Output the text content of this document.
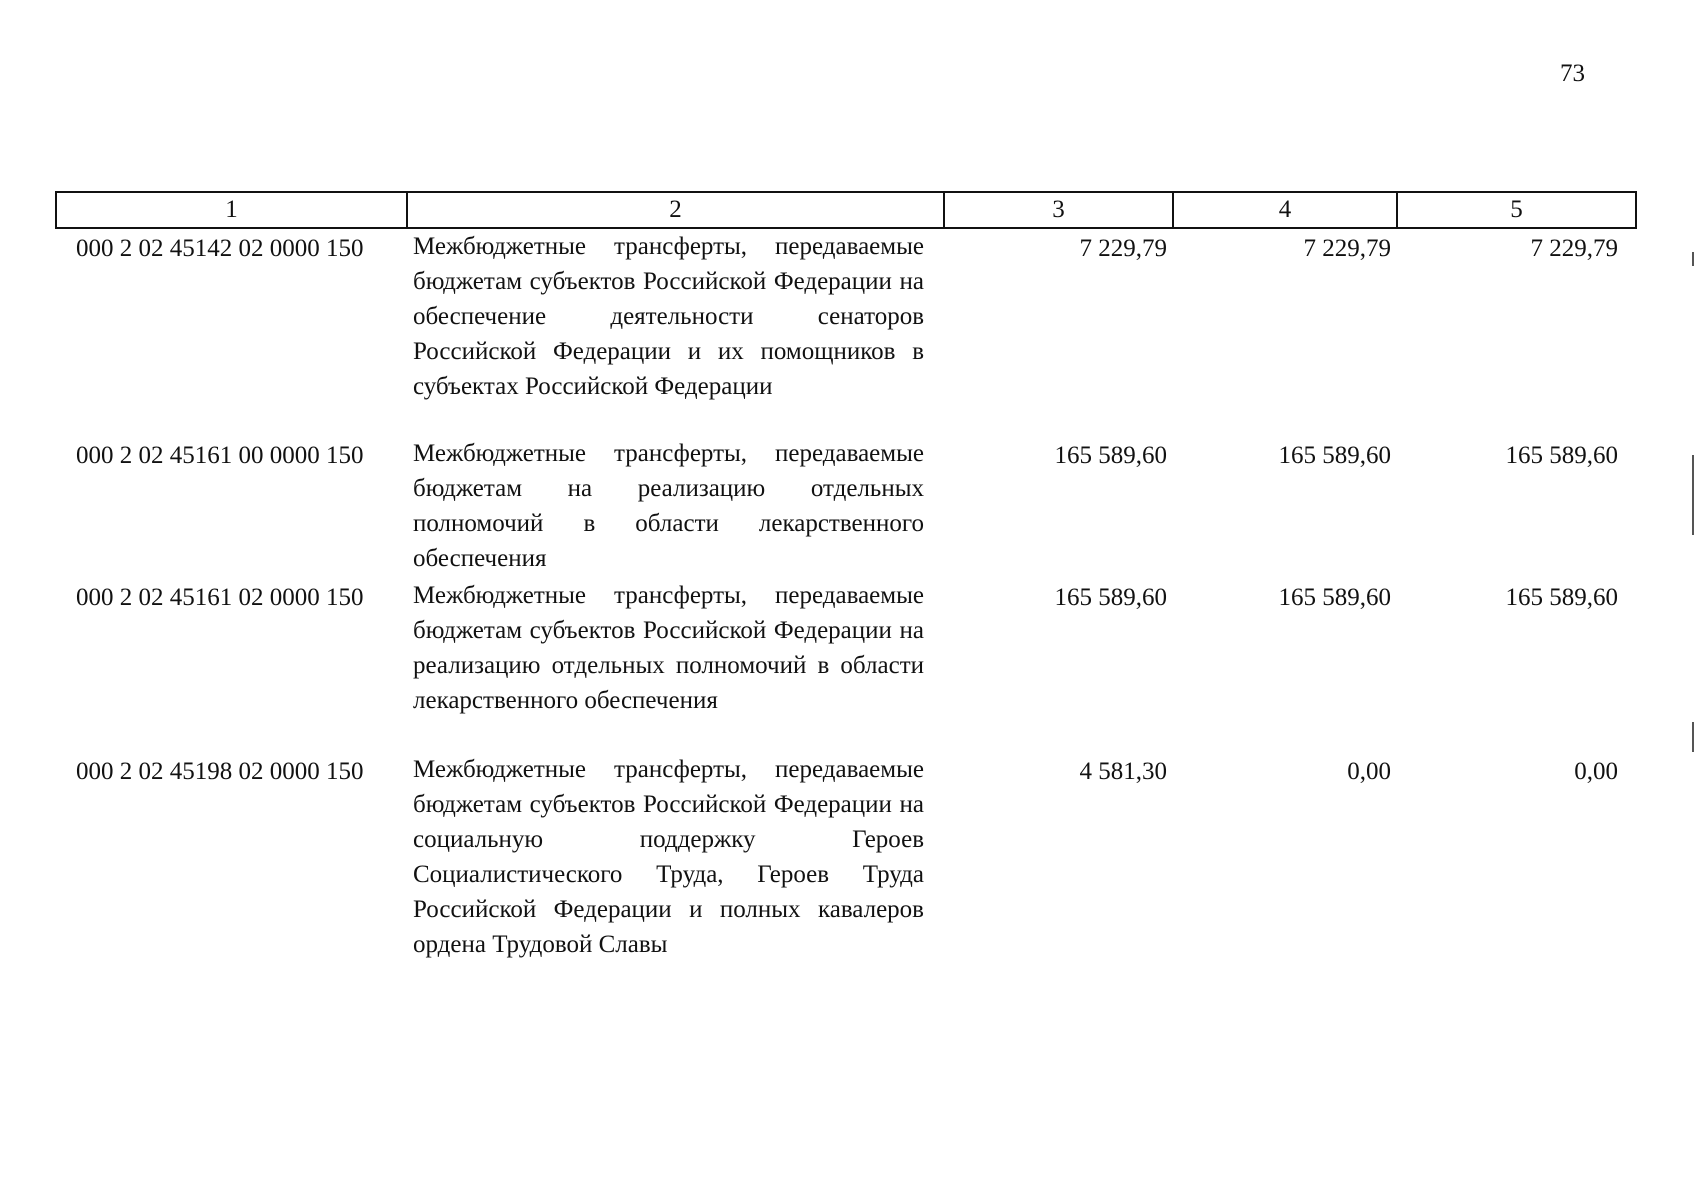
73
1	2	3	4	5
000 2 02 45142 02 0000 150	Межбюджетные трансферты, передаваемые бюджетам субъектов Российской Федерации на обеспечение деятельности сенаторов Российской Федерации и их помощников в субъектах Российской Федерации	7 229,79	7 229,79	7 229,79
000 2 02 45161 00 0000 150	Межбюджетные трансферты, передаваемые бюджетам на реализацию отдельных полномочий в области лекарственного обеспечения	165 589,60	165 589,60	165 589,60
000 2 02 45161 02 0000 150	Межбюджетные трансферты, передаваемые бюджетам субъектов Российской Федерации на реализацию отдельных полномочий в области лекарственного обеспечения	165 589,60	165 589,60	165 589,60
000 2 02 45198 02 0000 150	Межбюджетные трансферты, передаваемые бюджетам субъектов Российской Федерации на социальную поддержку Героев Социалистического Труда, Героев Труда Российской Федерации и полных кавалеров ордена Трудовой Славы	4 581,30	0,00	0,00
